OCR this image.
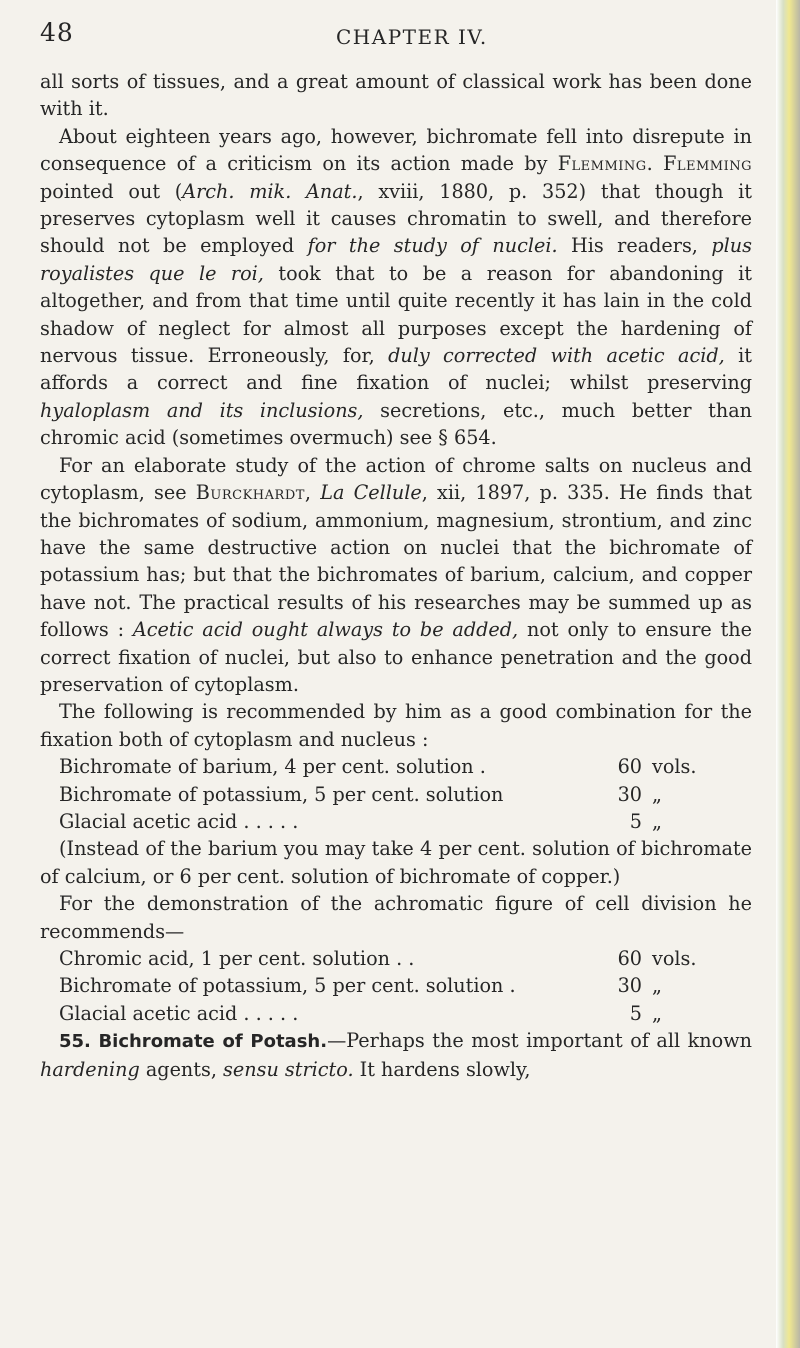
48	CHAPTER IV.

all sorts of tissues, and a great amount of classical work has been done with it.

About eighteen years ago, however, bichromate fell into disrepute in consequence of a criticism on its action made by Flemming. Flemming pointed out (Arch. mik. Anat., xviii, 1880, p. 352) that though it preserves cytoplasm well it causes chromatin to swell, and therefore should not be employed for the study of nuclei. His readers, plus royalistes que le roi, took that to be a reason for abandoning it altogether, and from that time until quite recently it has lain in the cold shadow of neglect for almost all purposes except the hardening of nervous tissue. Erroneously, for, duly corrected with acetic acid, it affords a correct and fine fixation of nuclei; whilst preserving hyaloplasm and its inclusions, secretions, etc., much better than chromic acid (sometimes overmuch) see § 654.

For an elaborate study of the action of chrome salts on nucleus and cytoplasm, see Burckhardt, La Cellule, xii, 1897, p. 335. He finds that the bichromates of sodium, ammonium, magnesium, strontium, and zinc have the same destructive action on nuclei that the bichromate of potassium has; but that the bichromates of barium, calcium, and copper have not. The practical results of his researches may be summed up as follows : Acetic acid ought always to be added, not only to ensure the correct fixation of nuclei, but also to enhance penetration and the good preservation of cytoplasm.

The following is recommended by him as a good combination for the fixation both of cytoplasm and nucleus :

Bichromate of barium, 4 per cent. solution .	60 vols.
Bichromate of potassium, 5 per cent. solution	30 „
Glacial acetic acid . . . . .	5 „

(Instead of the barium you may take 4 per cent. solution of bichromate of calcium, or 6 per cent. solution of bichromate of copper.)

For the demonstration of the achromatic figure of cell division he recommends—

Chromic acid, 1 per cent. solution . .	60 vols.
Bichromate of potassium, 5 per cent. solution .	30 „
Glacial acetic acid . . . . .	5 „

55. Bichromate of Potash.—Perhaps the most important of all known hardening agents, sensu stricto. It hardens slowly,
